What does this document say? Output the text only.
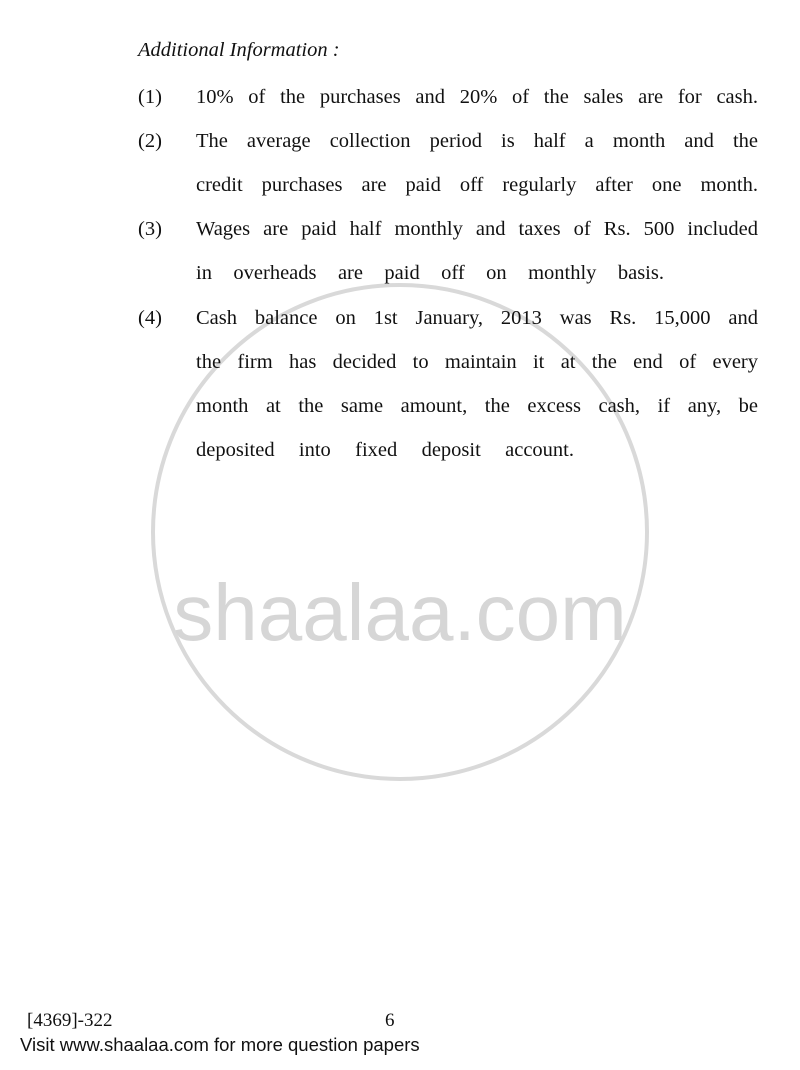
shaalaa.com
Additional Information :
(1) 10% of the purchases and 20% of the sales are for cash.
(2) The average collection period is half a month and the
credit purchases are paid off regularly after one month.
(3) Wages are paid half monthly and taxes of Rs. 500 included
in overheads are paid off on monthly basis.
(4) Cash balance on 1st January, 2013 was Rs. 15,000 and
the firm has decided to maintain it at the end of every
month at the same amount, the excess cash, if any, be
deposited into fixed deposit account.
[4369]-322	6
Visit www.shaalaa.com for more question papers
